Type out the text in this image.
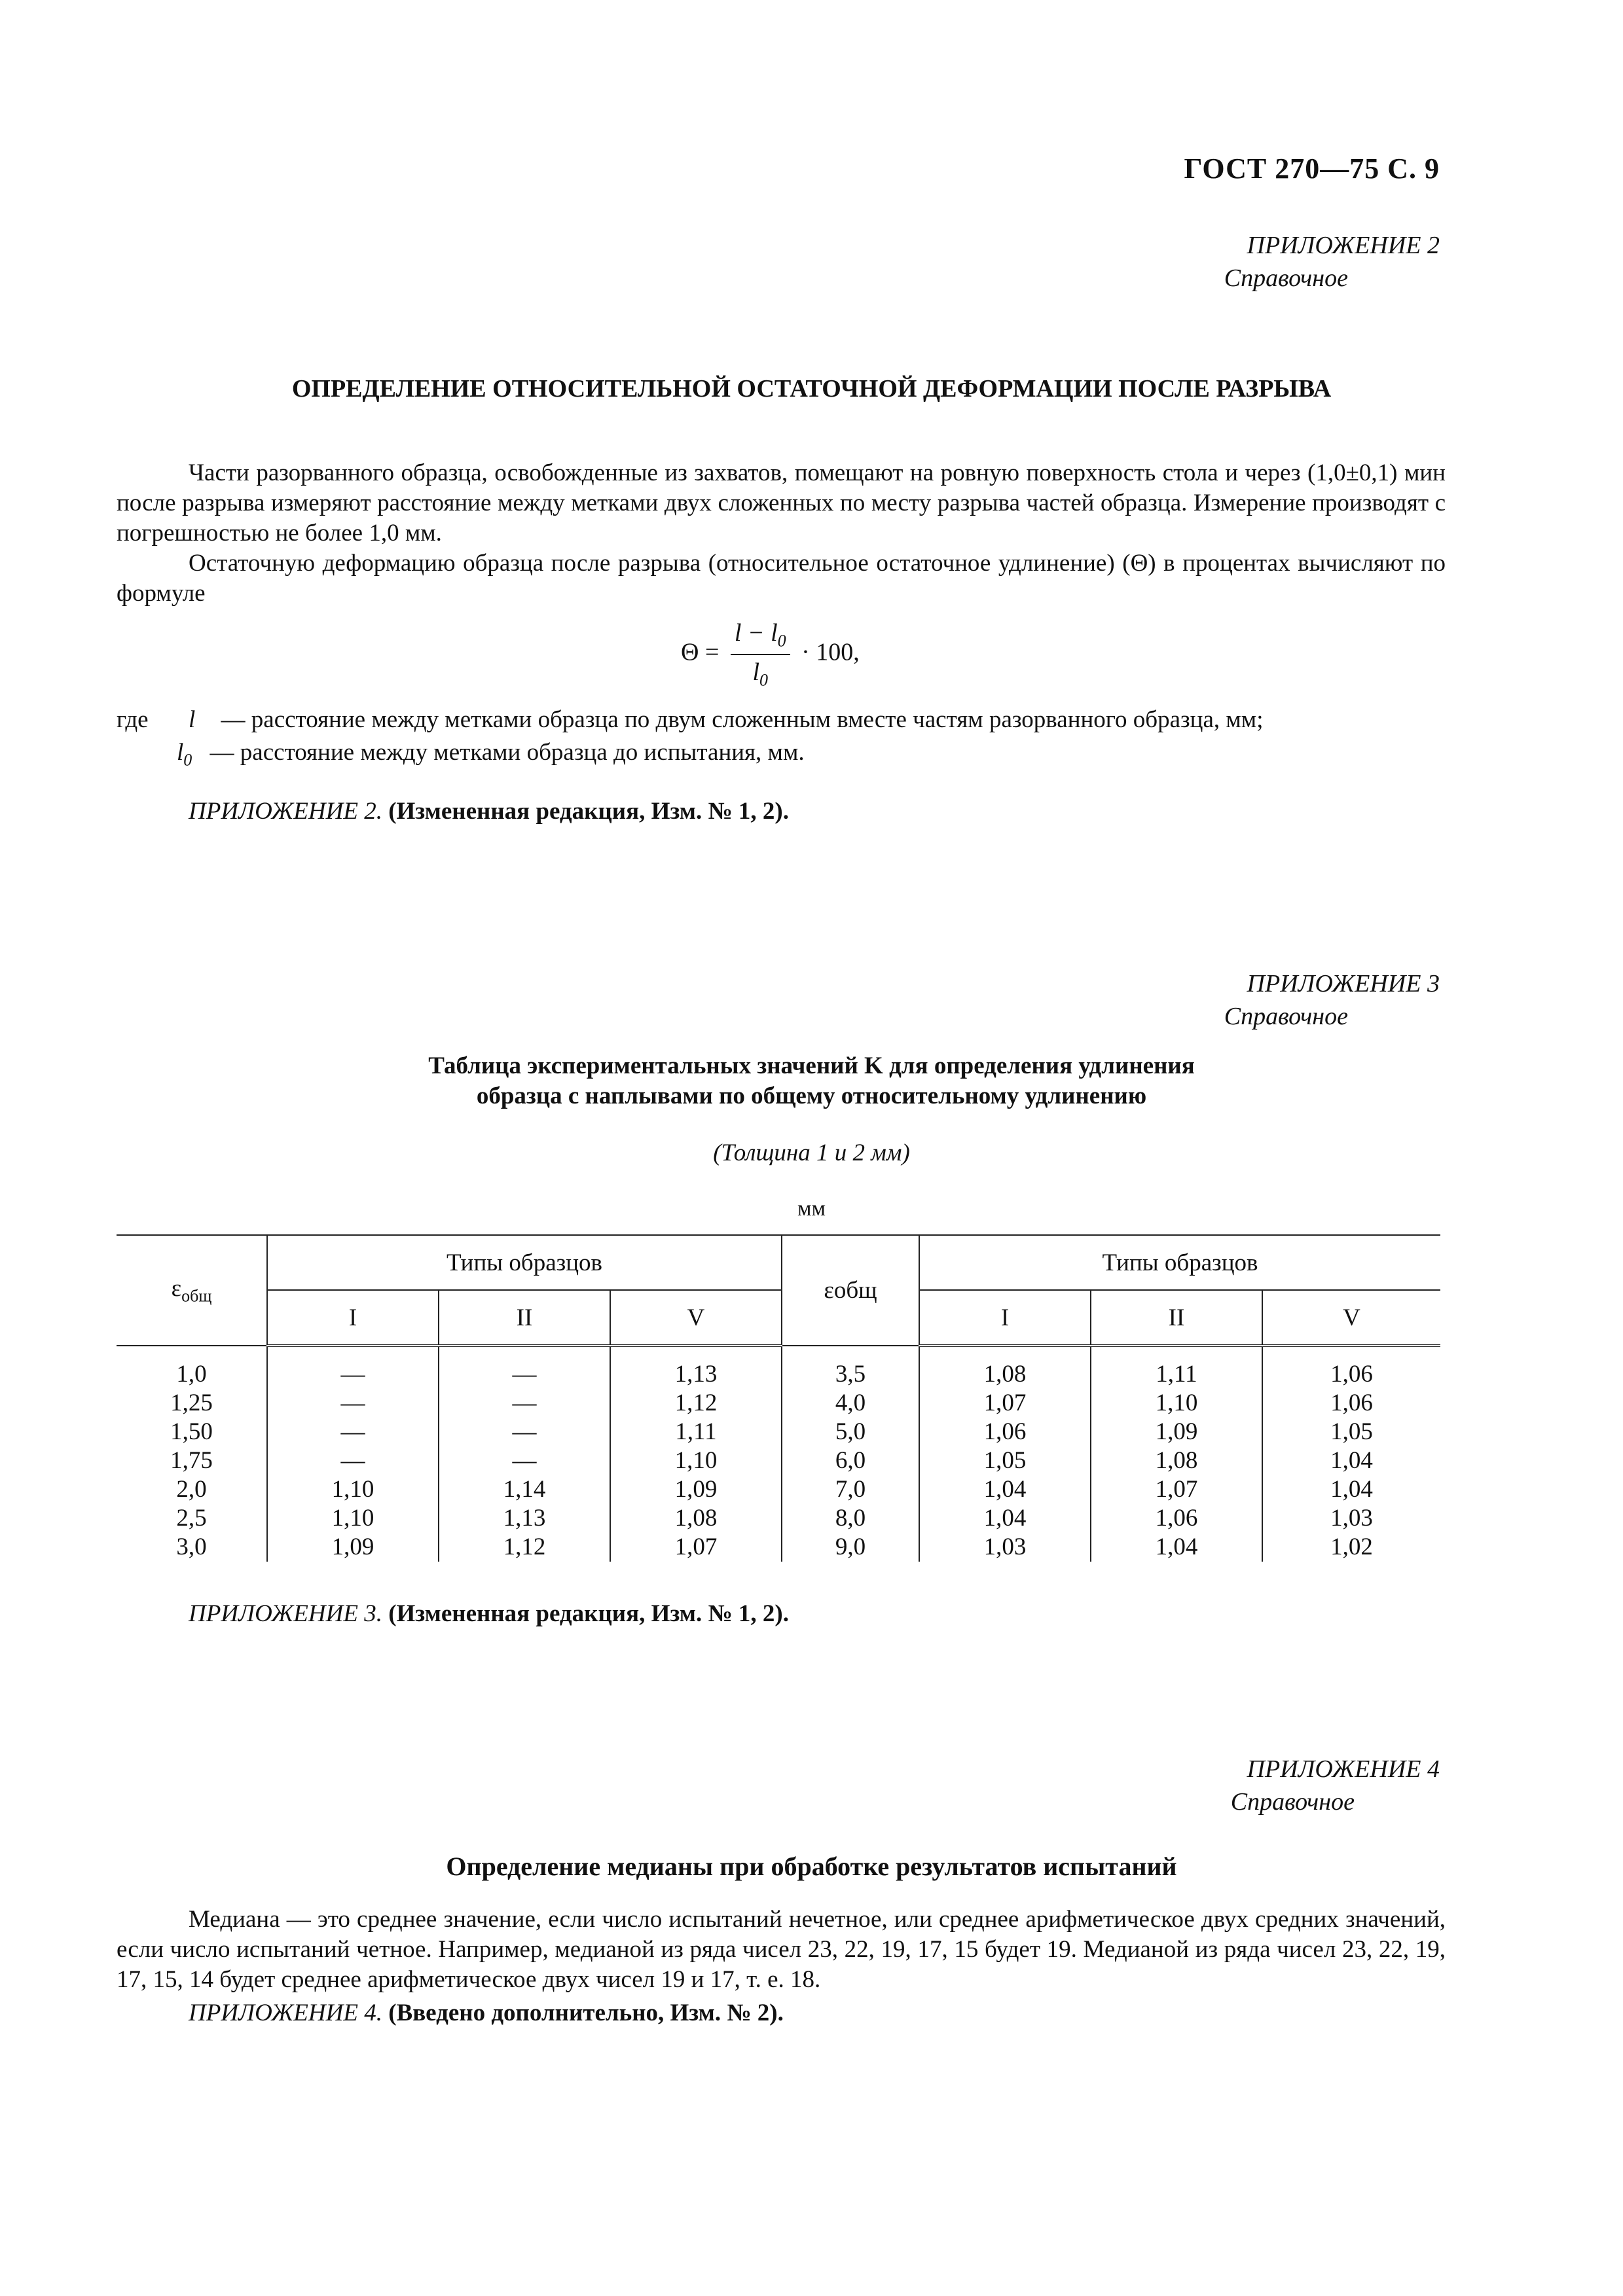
ГОСТ 270—75 С. 9
ПРИЛОЖЕНИЕ 2

Справочное
ОПРЕДЕЛЕНИЕ ОТНОСИТЕЛЬНОЙ ОСТАТОЧНОЙ ДЕФОРМАЦИИ ПОСЛЕ РАЗРЫВА

Части разорванного образца, освобожденные из захватов, помещают на ровную поверхность стола и через (1,0±0,1) мин после разрыва измеряют расстояние между метками двух сложенных по месту разрыва частей образца. Измерение производят с погрешностью не более 1,0 мм.

Остаточную деформацию образца после разрыва (относительное остаточное удлинение) (Θ) в процентах вычисляют по формуле

$\Theta = \frac{l - l_0}{l_0} \cdot 100$,
где l — расстояние между метками образца по двум сложенным вместе частям разорванного образца, мм;
$l_0$ — расстояние между метками образца до испытания, мм.
ПРИЛОЖЕНИЕ 2. (Измененная редакция, Изм. № 1, 2).
ПРИЛОЖЕНИЕ 3

Справочное
Таблица экспериментальных значений K для определения удлинения
образца с наплывами по общему относительному удлинению
(Толщина 1 и 2 мм)
мм
$\varepsilon_{общ}$	Типы образцов			εобщ	Типы образцов		
	I	II	V		I	II	V
1,0	—	—	1,13	3,5	1,08	1,11	1,06
1,25	—	—	1,12	4,0	1,07	1,10	1,06
1,50	—	—	1,11	5,0	1,06	1,09	1,05
1,75	—	—	1,10	6,0	1,05	1,08	1,04
2,0	1,10	1,14	1,09	7,0	1,04	1,07	1,04
2,5	1,10	1,13	1,08	8,0	1,04	1,06	1,03
3,0	1,09	1,12	1,07	9,0	1,03	1,04	1,02
ПРИЛОЖЕНИЕ 3. (Измененная редакция, Изм. № 1, 2).
ПРИЛОЖЕНИЕ 4

Справочное
Определение медианы при обработке результатов испытаний

Медиана — это среднее значение, если число испытаний нечетное, или среднее арифметическое двух средних значений, если число испытаний четное. Например, медианой из ряда чисел 23, 22, 19, 17, 15 будет 19. Медианой из ряда чисел 23, 22, 19, 17, 15, 14 будет среднее арифметическое двух чисел 19 и 17, т. е. 18.

ПРИЛОЖЕНИЕ 4. (Введено дополнительно, Изм. № 2).
